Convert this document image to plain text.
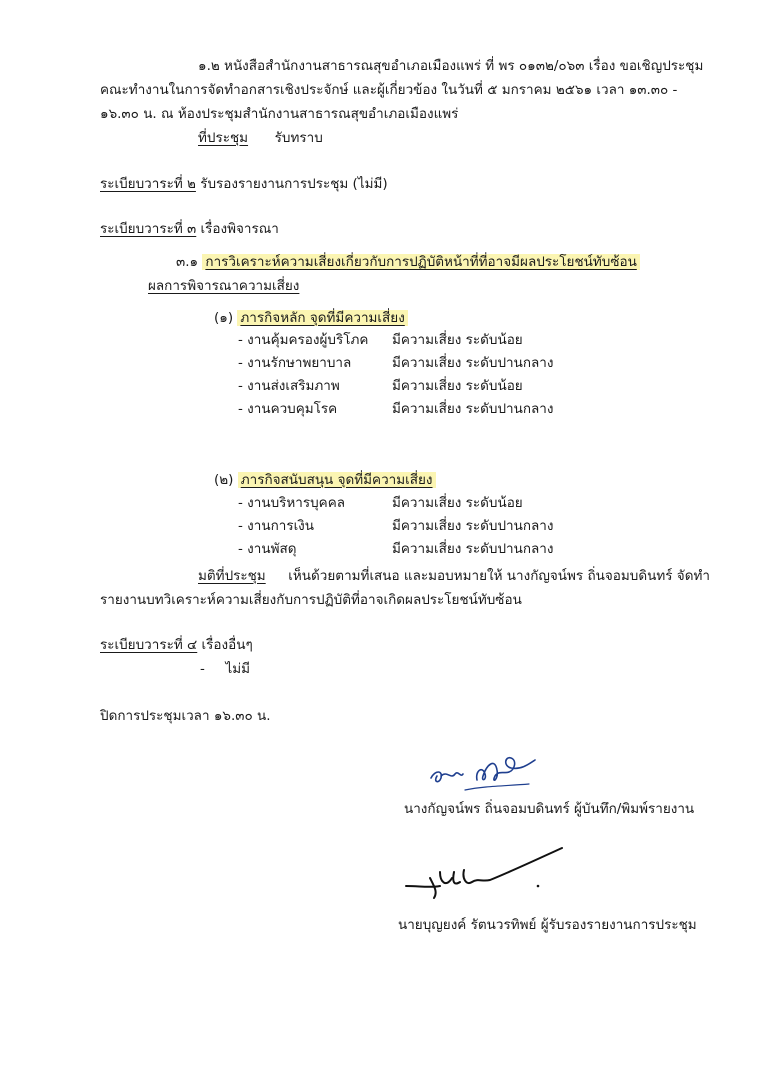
๑.๒ หนังสือสำนักงานสาธารณสุขอำเภอเมืองแพร่ ที่ พร ๐๑๓๒/๐๖๓ เรื่อง ขอเชิญประชุม
คณะทำงานในการจัดทำอกสารเชิงประจักษ์ และผู้เกี่ยวข้อง ในวันที่ ๕ มกราคม ๒๕๖๑ เวลา ๑๓.๓๐ -
๑๖.๓๐ น. ณ ห้องประชุมสำนักงานสาธารณสุขอำเภอเมืองแพร่
ที่ประชุม รับทราบ
ระเบียบวาระที่ ๒ รับรองรายงานการประชุม (ไม่มี)
ระเบียบวาระที่ ๓ เรื่องพิจารณา
๓.๑ การวิเคราะห์ความเสี่ยงเกี่ยวกับการปฏิบัติหน้าที่ที่อาจมีผลประโยชน์ทับซ้อน
ผลการพิจารณาความเสี่ยง
(๑) ภารกิจหลัก จุดที่มีความเสี่ยง
- งานคุ้มครองผู้บริโภค มีความเสี่ยง ระดับน้อย
- งานรักษาพยาบาล	มีความเสี่ยง ระดับปานกลาง
- งานส่งเสริมภาพ	มีความเสี่ยง ระดับน้อย
- งานควบคุมโรค	มีความเสี่ยง ระดับปานกลาง
(๒) ภารกิจสนับสนุน จุดที่มีความเสี่ยง
- งานบริหารบุคคล	มีความเสี่ยง ระดับน้อย
- งานการเงิน	มีความเสี่ยง ระดับปานกลาง
- งานพัสดุ	มีความเสี่ยง ระดับปานกลาง
มติที่ประชุม เห็นด้วยตามที่เสนอ และมอบหมายให้ นางกัญจน์พร ถิ่นจอมบดินทร์ จัดทำ
รายงานบทวิเคราะห์ความเสี่ยงกับการปฏิบัติที่อาจเกิดผลประโยชน์ทับซ้อน
ระเบียบวาระที่ ๔ เรื่องอื่นๆ
- ไม่มี
ปิดการประชุมเวลา ๑๖.๓๐ น.
นางกัญจน์พร ถิ่นจอมบดินทร์ ผู้บันทึก/พิมพ์รายงาน
นายบุญยงค์ รัตนวรทิพย์ ผู้รับรองรายงานการประชุม
